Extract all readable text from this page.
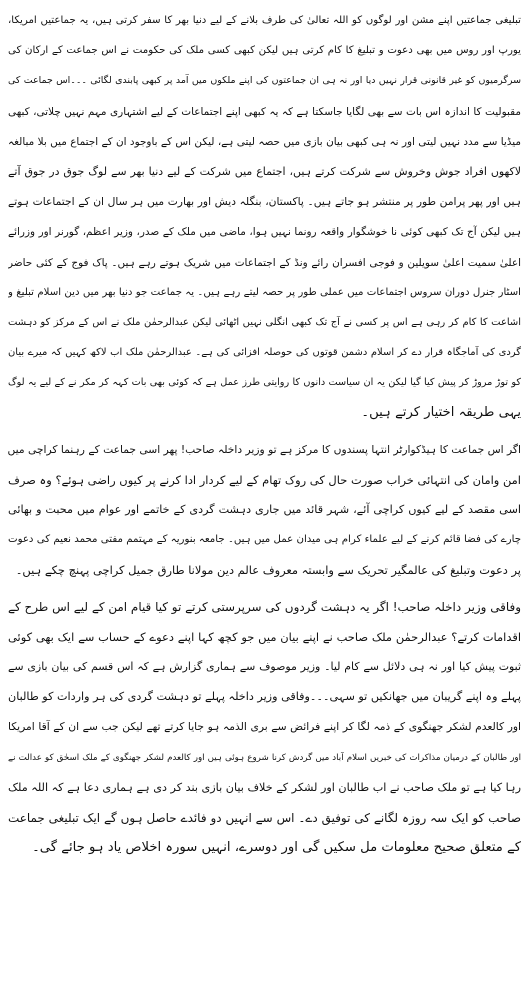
تبلیغی جماعتیں اپنے مشن اور لوگوں کو اللہ تعالیٰ کی طرف بلانے کے لیے دنیا بھر کا سفر کرتی ہیں، یہ جماعتیں امریکا،
یورپ اور روس میں بھی دعوت و تبلیغ کا کام کرتی ہیں لیکن کبھی کسی ملک کی حکومت نے اس جماعت کے ارکان کی
سرگرمیوں کو غیر قانونی قرار نہیں دیا اور نہ ہی ان جماعتوں کی اپنے ملکوں میں آمد پر کبھی پابندی لگائی ۔۔۔اس جماعت کی
مقبولیت کا اندازہ اس بات سے بھی لگایا جاسکتا ہے کہ یہ کبھی اپنے اجتماعات کے لیے اشتہاری مہم نہیں چلاتی، کبھی
میڈیا سے مدد نہیں لیتی اور نہ ہی کبھی بیان بازی میں حصہ لیتی ہے، لیکن اس کے باوجود ان کے اجتماع میں بلا مبالغہ
لاکھوں افراد جوش وخروش سے شرکت کرتے ہیں، اجتماع میں شرکت کے لیے دنیا بھر سے لوگ جوق در جوق آتے
ہیں اور پھر پرامن طور پر منتشر ہو جاتے ہیں۔ پاکستان، بنگلہ دیش اور بھارت میں ہر سال ان کے اجتماعات ہوتے
ہیں لیکن آج تک کبھی کوئی نا خوشگوار واقعہ رونما نہیں ہوا، ماضی میں ملک کے صدر، وزیر اعظم، گورنر اور وزرائے
اعلیٰ سمیت اعلیٰ سویلین و فوجی افسران رائے ونڈ کے اجتماعات میں شریک ہوتے رہے ہیں۔ پاک فوج کے کئی حاضر
اسٹار جنرل دوران سروس اجتماعات میں عملی طور پر حصہ لیتے رہے ہیں۔ یہ جماعت جو دنیا بھر میں دین اسلام تبلیغ و
اشاعت کا کام کر رہی ہے اس پر کسی نے آج تک کبھی انگلی نہیں اٹھائی لیکن عبدالرحمٰن ملک نے اس کے مرکز کو دہشت
گردی کی آماجگاہ قرار دے کر اسلام دشمن قوتوں کی حوصلہ افزائی کی ہے۔ عبدالرحمٰن ملک اب لاکھ کہیں کہ میرے بیان
کو توڑ مروڑ کر پیش کیا گیا لیکن یہ ان سیاست دانوں کا روایتی طرز عمل ہے کہ کوئی بھی بات کہہ کر مکر نے کے لیے یہ لوگ
یہی طریقہ اختیار کرتے ہیں۔
اگر اس جماعت کا ہیڈکوارٹر انتہا پسندوں کا مرکز ہے تو وزیر داخلہ صاحب! پھر اسی جماعت کے رہنما کراچی میں
امن وامان کی انتہائی خراب صورت حال کی روک تھام کے لیے کردار ادا کرنے پر کیوں راضی ہوئے؟ وہ صرف
اسی مقصد کے لیے کیوں کراچی آئے، شہر قائد میں جاری دہشت گردی کے خاتمے اور عوام میں محبت و بھائی
چارے کی فضا قائم کرنے کے لیے علماء کرام ہی میدان عمل میں ہیں۔ جامعہ بنوریہ کے مہتمم مفتی محمد نعیم کی دعوت
پر دعوت وتبلیغ کی عالمگیر تحریک سے وابستہ معروف عالم دین مولانا طارق جمیل کراچی پہنچ چکے ہیں۔
وفاقی وزیر داخلہ صاحب! اگر یہ دہشت گردوں کی سرپرستی کرتے تو کیا قیام امن کے لیے اس طرح کے
اقدامات کرتے؟ عبدالرحمٰن ملک صاحب نے اپنے بیان میں جو کچھ کہا اپنے دعوے کے حساب سے ایک بھی کوئی
ثبوت پیش کیا اور نہ ہی دلائل سے کام لیا۔ وزیر موصوف سے ہماری گزارش ہے کہ اس قسم کی بیان بازی سے
پہلے وہ اپنے گریبان میں جھانکیں تو سہی۔۔۔وفاقی وزیر داخلہ پہلے تو دہشت گردی کی ہر واردات کو طالبان
اور کالعدم لشکر جھنگوی کے ذمہ لگا کر اپنے فرائض سے بری الذمہ ہو جایا کرتے تھے لیکن جب سے ان کے آقا امریکا
اور طالبان کے درمیان مذاکرات کی خبریں اسلام آباد میں گردش کرنا شروع ہوئی ہیں اور کالعدم لشکر جھنگوی کے ملک اسحٰق کو عدالت نے
رہا کیا ہے تو ملک صاحب نے اب طالبان اور لشکر کے خلاف بیان بازی بند کر دی ہے ہماری دعا ہے کہ اللہ ملک
صاحب کو ایک سہ روزہ لگانے کی توفیق دے۔ اس سے انہیں دو فائدے حاصل ہوں گے ایک تبلیغی جماعت
کے متعلق صحیح معلومات مل سکیں گی اور دوسرے، انہیں سورہ اخلاص یاد ہو جائے گی۔
